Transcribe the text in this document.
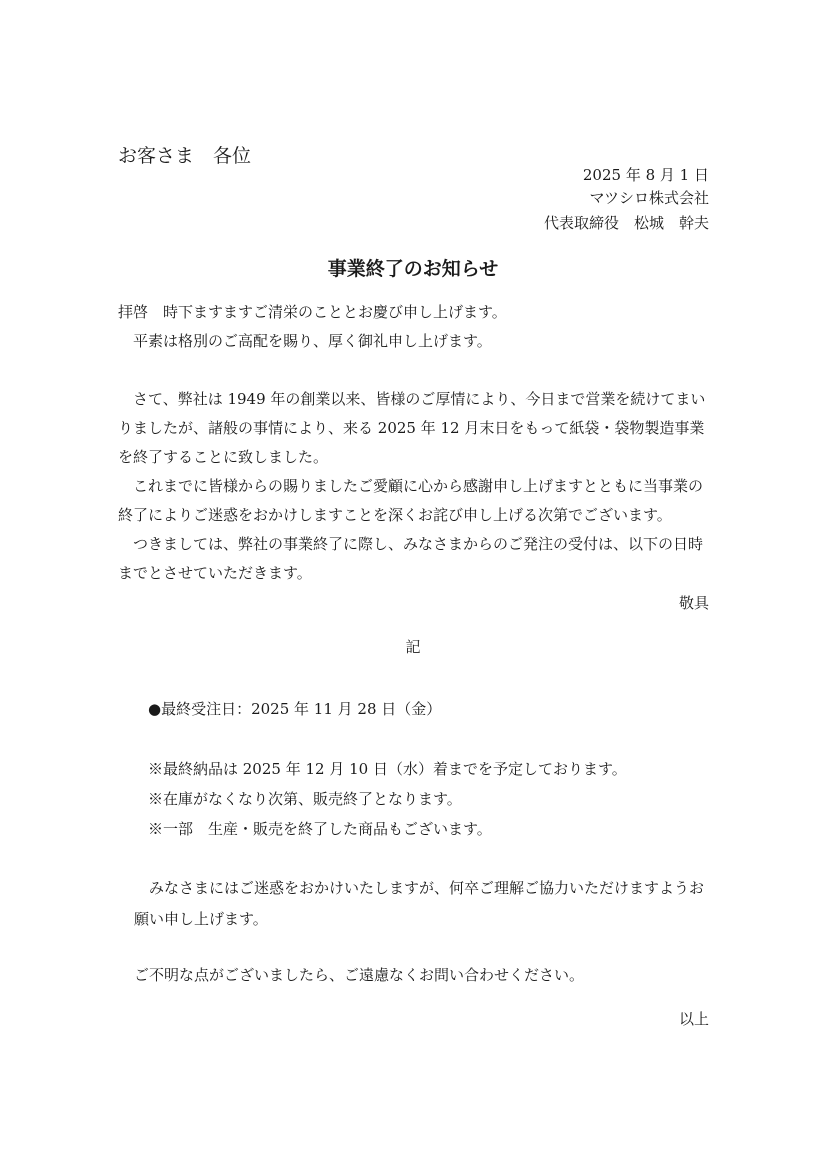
お客さま　各位
2025 年 8 月 1 日
マツシロ株式会社
代表取締役　松城　幹夫
事業終了のお知らせ

拝啓　時下ますますご清栄のこととお慶び申し上げます。

平素は格別のご高配を賜り、厚く御礼申し上げます。

さて、弊社は 1949 年の創業以来、皆様のご厚情により、今日まで営業を続けてまいりましたが、諸般の事情により、来る 2025 年 12 月末日をもって紙袋・袋物製造事業を終了することに致しました。

これまでに皆様からの賜りましたご愛顧に心から感謝申し上げますとともに当事業の終了によりご迷惑をおかけしますことを深くお詫び申し上げる次第でございます。

つきましては、弊社の事業終了に際し、みなさまからのご発注の受付は、以下の日時までとさせていただきます。

敬具
記
●最終受注日：2025 年 11 月 28 日（金）
※最終納品は 2025 年 12 月 10 日（水）着までを予定しております。
※在庫がなくなり次第、販売終了となります。
※一部　生産・販売を終了した商品もございます。

みなさまにはご迷惑をおかけいたしますが、何卒ご理解ご協力いただけますようお願い申し上げます。

ご不明な点がございましたら、ご遠慮なくお問い合わせください。
以上
